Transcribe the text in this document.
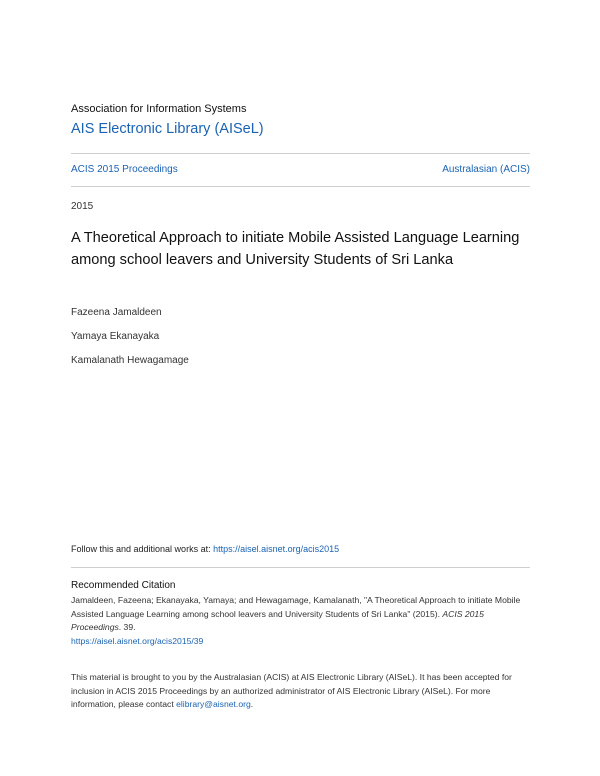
Association for Information Systems
AIS Electronic Library (AISeL)
ACIS 2015 Proceedings	Australasian (ACIS)
2015
A Theoretical Approach to initiate Mobile Assisted Language Learning among school leavers and University Students of Sri Lanka
Fazeena Jamaldeen
Yamaya Ekanayaka
Kamalanath Hewagamage
Follow this and additional works at: https://aisel.aisnet.org/acis2015
Recommended Citation
Jamaldeen, Fazeena; Ekanayaka, Yamaya; and Hewagamage, Kamalanath, "A Theoretical Approach to initiate Mobile Assisted Language Learning among school leavers and University Students of Sri Lanka" (2015). ACIS 2015 Proceedings. 39.
https://aisel.aisnet.org/acis2015/39
This material is brought to you by the Australasian (ACIS) at AIS Electronic Library (AISeL). It has been accepted for inclusion in ACIS 2015 Proceedings by an authorized administrator of AIS Electronic Library (AISeL). For more information, please contact elibrary@aisnet.org.
